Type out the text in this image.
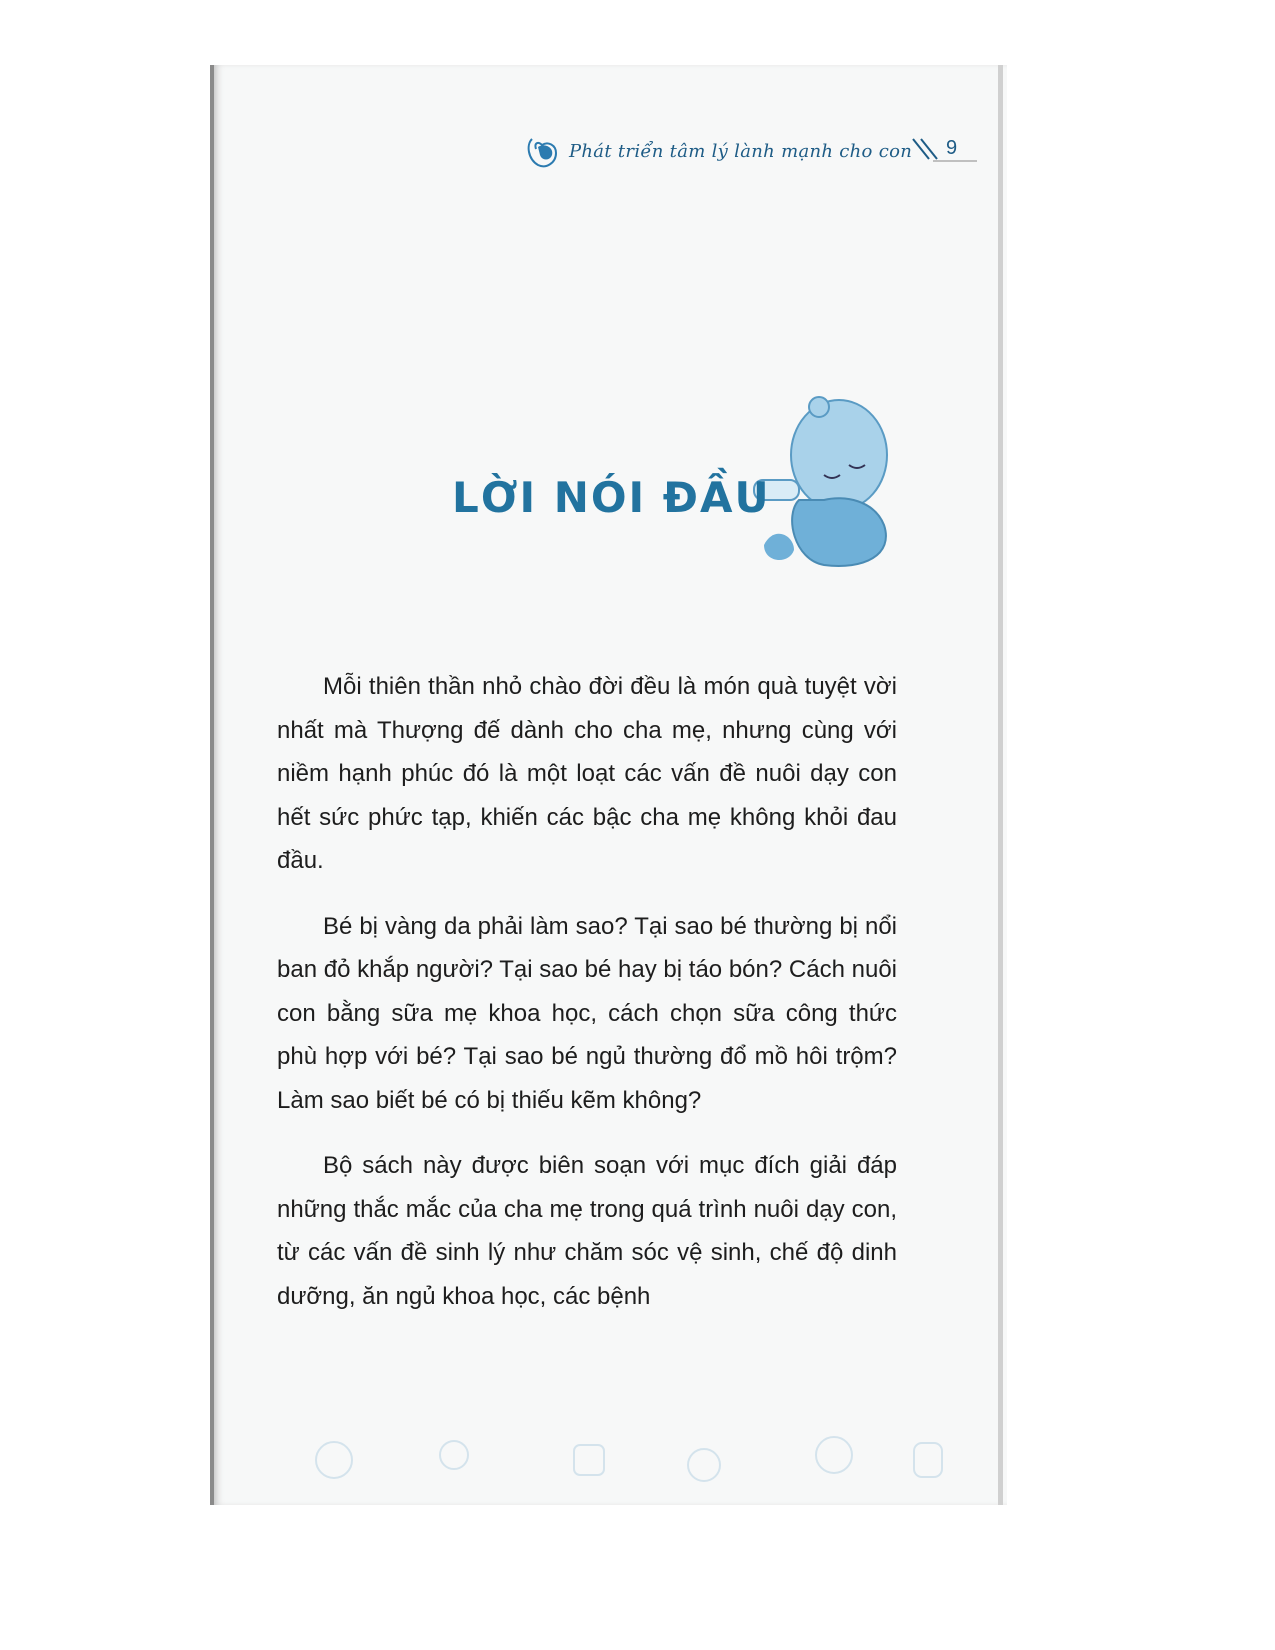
Phát triển tâm lý lành mạnh cho con 9
LỜI NÓI ĐẦU

Mỗi thiên thần nhỏ chào đời đều là món quà tuyệt vời nhất mà Thượng đế dành cho cha mẹ, nhưng cùng với niềm hạnh phúc đó là một loạt các vấn đề nuôi dạy con hết sức phức tạp, khiến các bậc cha mẹ không khỏi đau đầu.

Bé bị vàng da phải làm sao? Tại sao bé thường bị nổi ban đỏ khắp người? Tại sao bé hay bị táo bón? Cách nuôi con bằng sữa mẹ khoa học, cách chọn sữa công thức phù hợp với bé? Tại sao bé ngủ thường đổ mồ hôi trộm? Làm sao biết bé có bị thiếu kẽm không?

Bộ sách này được biên soạn với mục đích giải đáp những thắc mắc của cha mẹ trong quá trình nuôi dạy con, từ các vấn đề sinh lý như chăm sóc vệ sinh, chế độ dinh dưỡng, ăn ngủ khoa học, các bệnh
